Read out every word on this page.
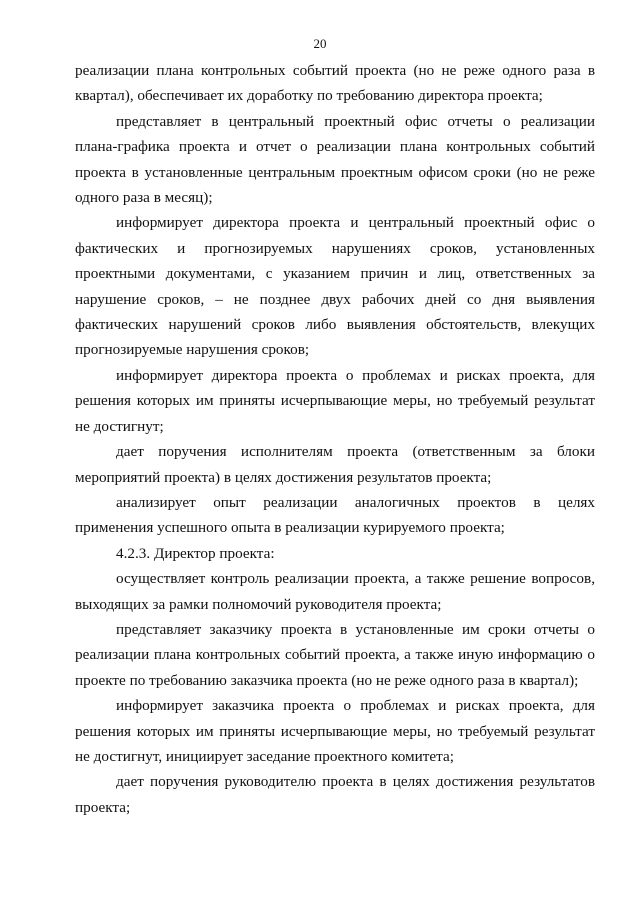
20

реализации плана контрольных событий проекта (но не реже одного раза в квартал), обеспечивает их доработку по требованию директора проекта;

представляет в центральный проектный офис отчеты о реализации плана-графика проекта и отчет о реализации плана контрольных событий проекта в установленные центральным проектным офисом сроки (но не реже одного раза в месяц);

информирует директора проекта и центральный проектный офис о фактических и прогнозируемых нарушениях сроков, установленных проектными документами, с указанием причин и лиц, ответственных за нарушение сроков, – не позднее двух рабочих дней со дня выявления фактических нарушений сроков либо выявления обстоятельств, влекущих прогнозируемые нарушения сроков;

информирует директора проекта о проблемах и рисках проекта, для решения которых им приняты исчерпывающие меры, но требуемый результат не достигнут;

дает поручения исполнителям проекта (ответственным за блоки мероприятий проекта) в целях достижения результатов проекта;

анализирует опыт реализации аналогичных проектов в целях применения успешного опыта в реализации курируемого проекта;

4.2.3. Директор проекта:

осуществляет контроль реализации проекта, а также решение вопросов, выходящих за рамки полномочий руководителя проекта;

представляет заказчику проекта в установленные им сроки отчеты о реализации плана контрольных событий проекта, а также иную информацию о проекте по требованию заказчика проекта (но не реже одного раза в квартал);

информирует заказчика проекта о проблемах и рисках проекта, для решения которых им приняты исчерпывающие меры, но требуемый результат не достигнут, инициирует заседание проектного комитета;

дает поручения руководителю проекта в целях достижения результатов проекта;
